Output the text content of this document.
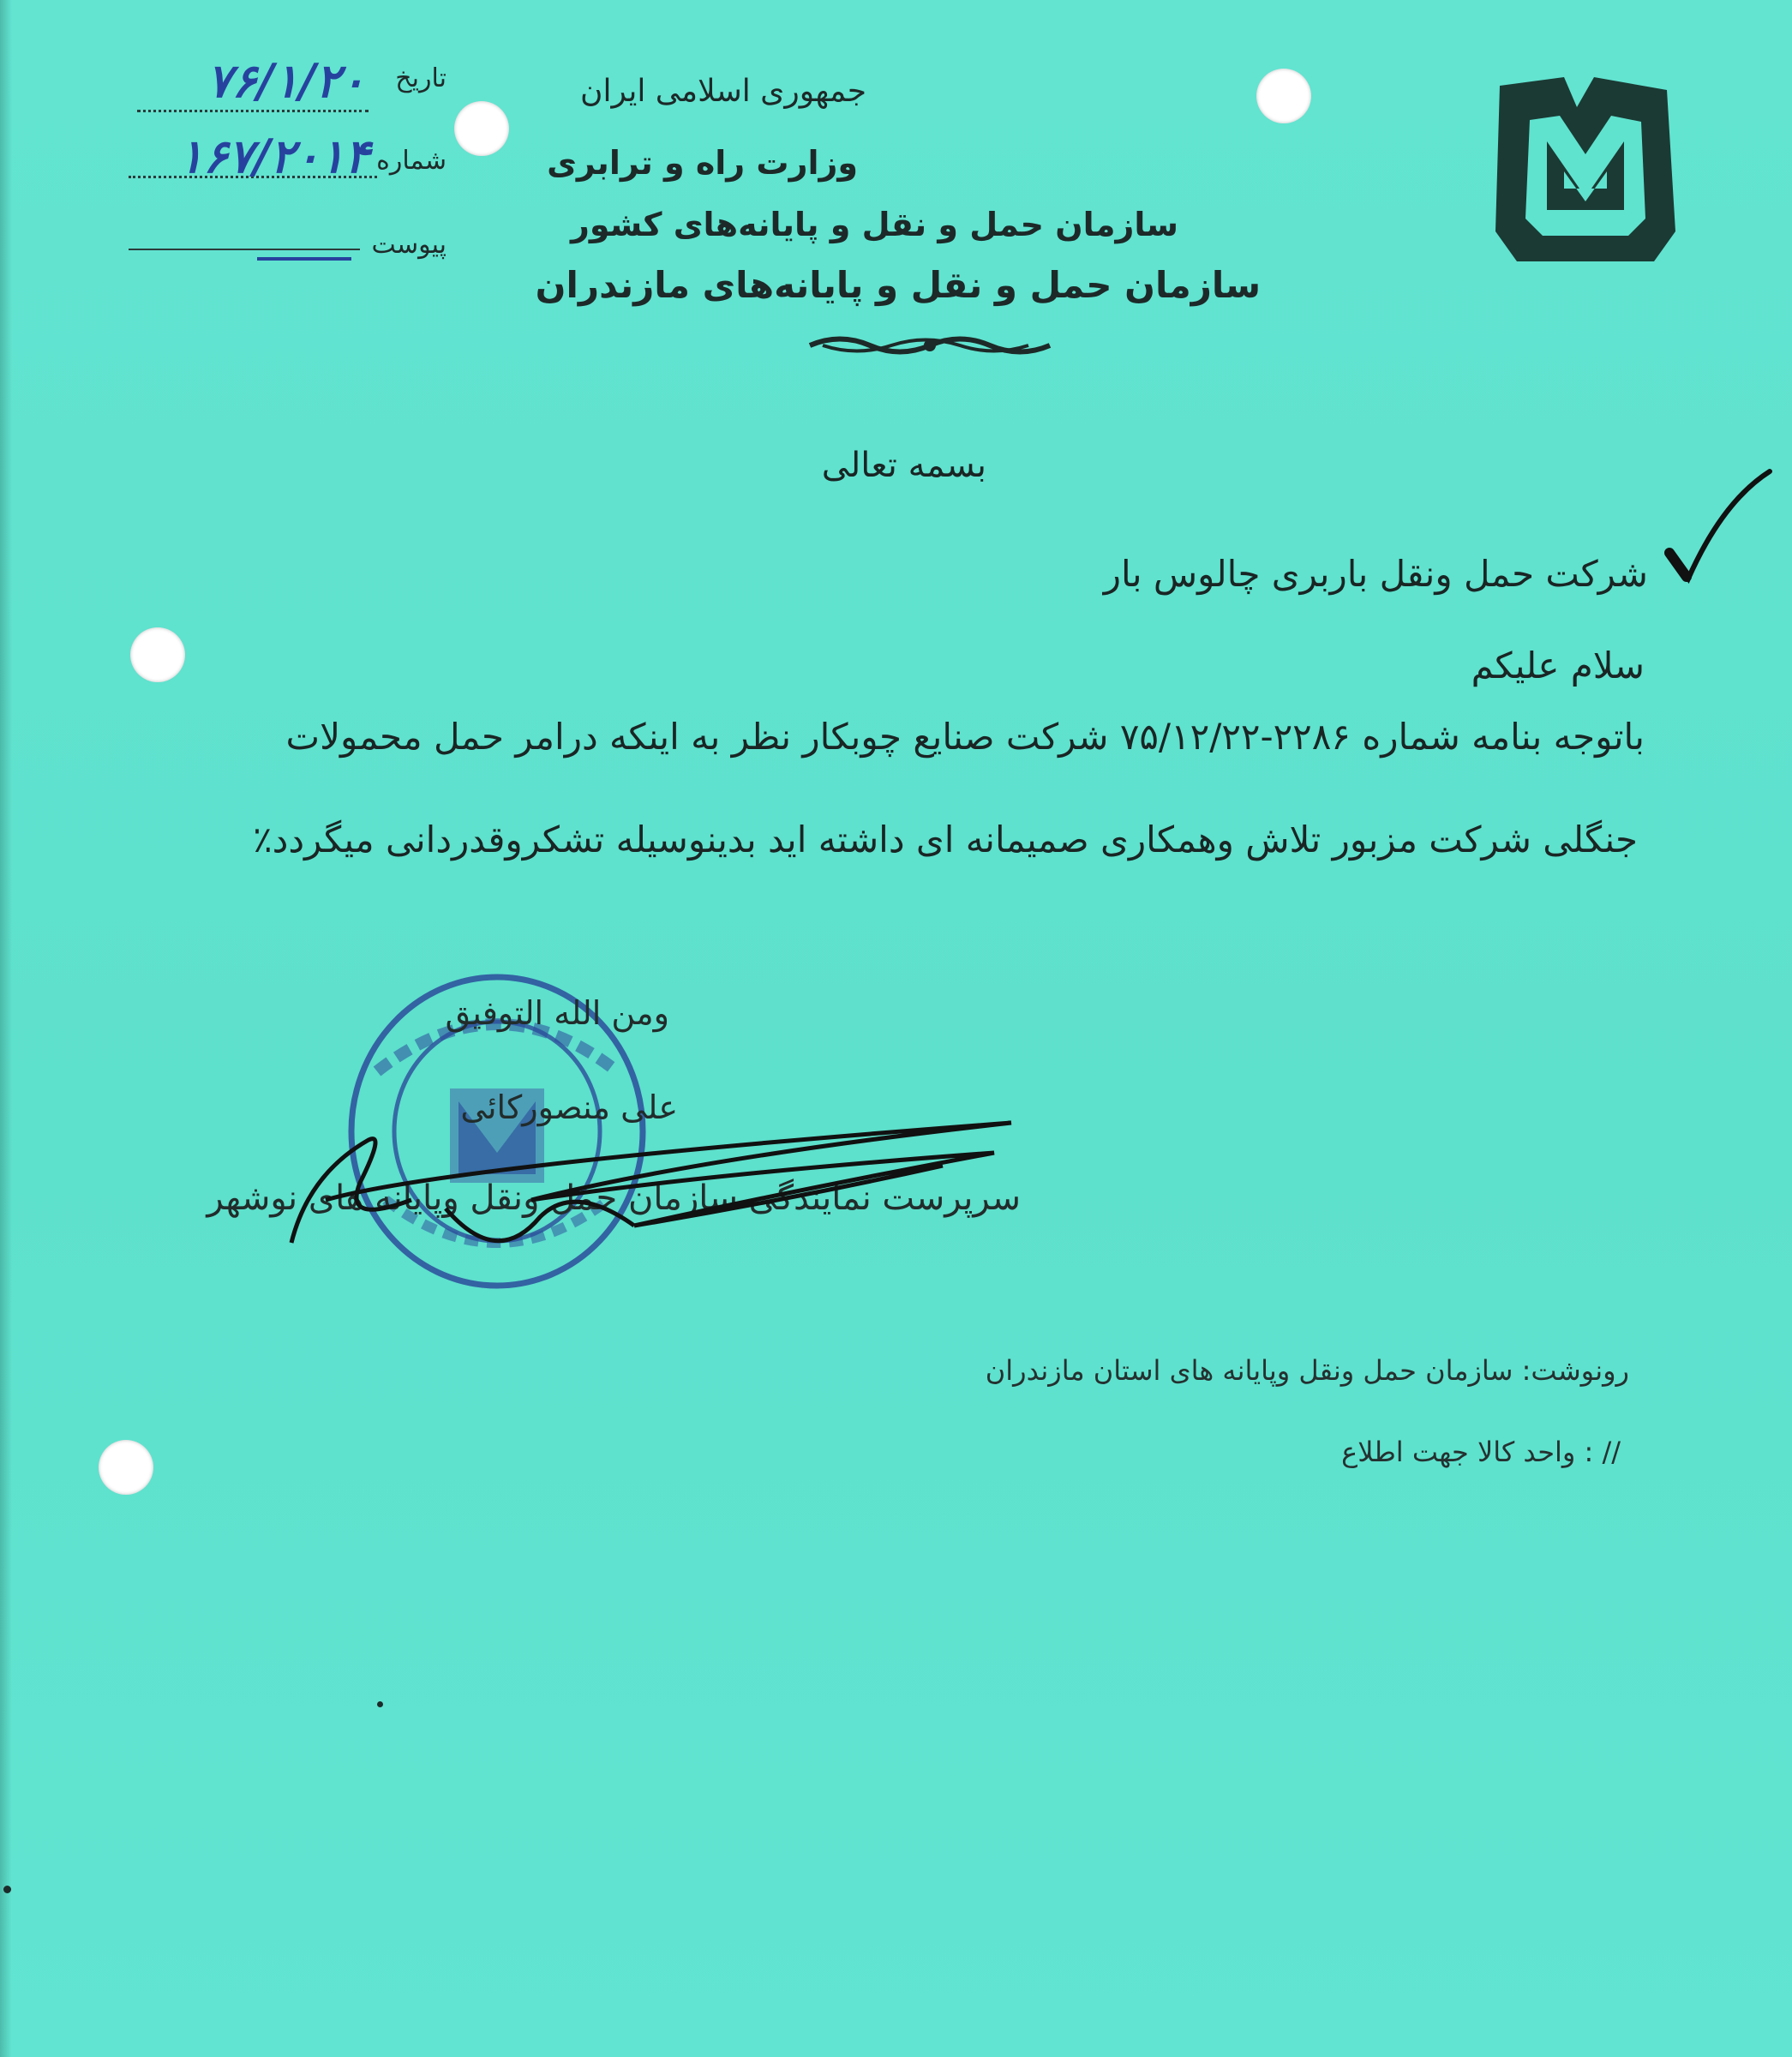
جمهوری اسلامی ایران
وزارت راه و ترابری
سازمان حمل و نقل و پایانه‌های کشور
سازمان حمل و نقل و پایانه‌های مازندران
تاریخ
۷۶/۱/۲۰
شماره
۱۶۷/۲۰۱۴
پیوست
بسمه تعالی
شرکت حمل ونقل باربری چالوس بار
سلام علیکم
باتوجه بنامه شماره ۲۲۸۶-۷۵/۱۲/۲۲ شرکت صنایع چوبکار نظر به اینکه درامر حمل محمولات
جنگلی شرکت مزبور تلاش وهمکاری صمیمانه ای داشته اید بدینوسیله تشکروقدردانی میگردد٪
ومن الله التوفیق
علی منصورکائی
سرپرست نمایندگی سازمان حمل ونقل وپایانه های نوشهر
رونوشت: سازمان حمل ونقل وپایانه های استان مازندران
// : واحد کالا جهت اطلاع
